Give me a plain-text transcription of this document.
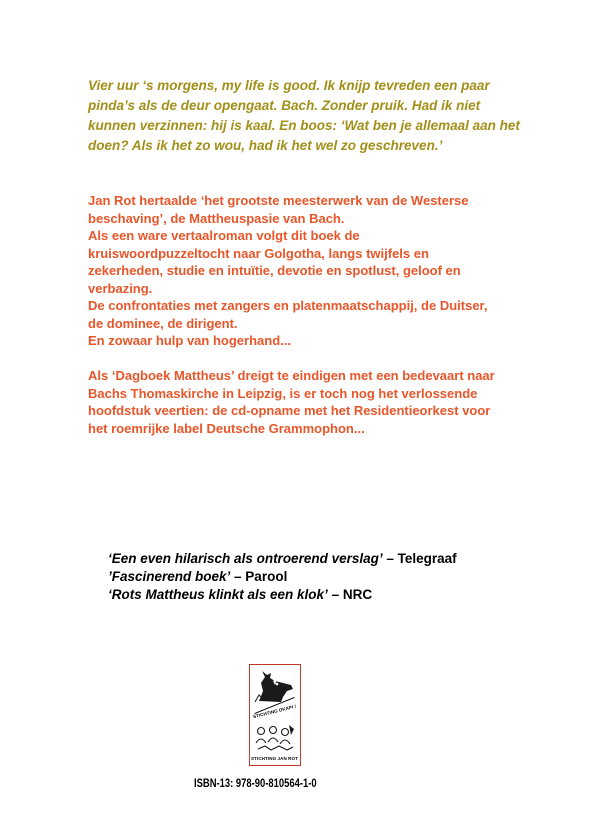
Vier uur ‘s morgens, my life is good. Ik knijp tevreden een paar pinda’s als de deur opengaat. Bach. Zonder pruik. Had ik niet kunnen verzinnen: hij is kaal. En boos: ‘Wat ben je allemaal aan het doen? Als ik het zo wou, had ik het wel zo geschreven.’

Jan Rot hertaalde ‘het grootste meesterwerk van de Westerse beschaving’, de Mattheuspasie van Bach.
Als een ware vertaalroman volgt dit boek de kruiswoordpuzzeltocht naar Golgotha, langs twijfels en zekerheden, studie en intuïtie, devotie en spotlust, geloof en verbazing.
De confrontaties met zangers en platenmaatschappij, de Duitser, de dominee, de dirigent.
En zowaar hulp van hogerhand...

Als ‘Dagboek Mattheus’ dreigt te eindigen met een bedevaart naar Bachs Thomaskirche in Leipzig, is er toch nog het verlossende hoofdstuk veertien: de cd-opname met het Residentieorkest voor het roemrijke label Deutsche Grammophon...

‘Een even hilarisch als ontroerend verslag’ – Telegraaf
’Fascinerend boek’ – Parool
‘Rots Mattheus klinkt als een klok’ – NRC
STICHTING OKAPI /
STICHTING JAN ROT
ISBN-13: 978-90-810564-1-0
